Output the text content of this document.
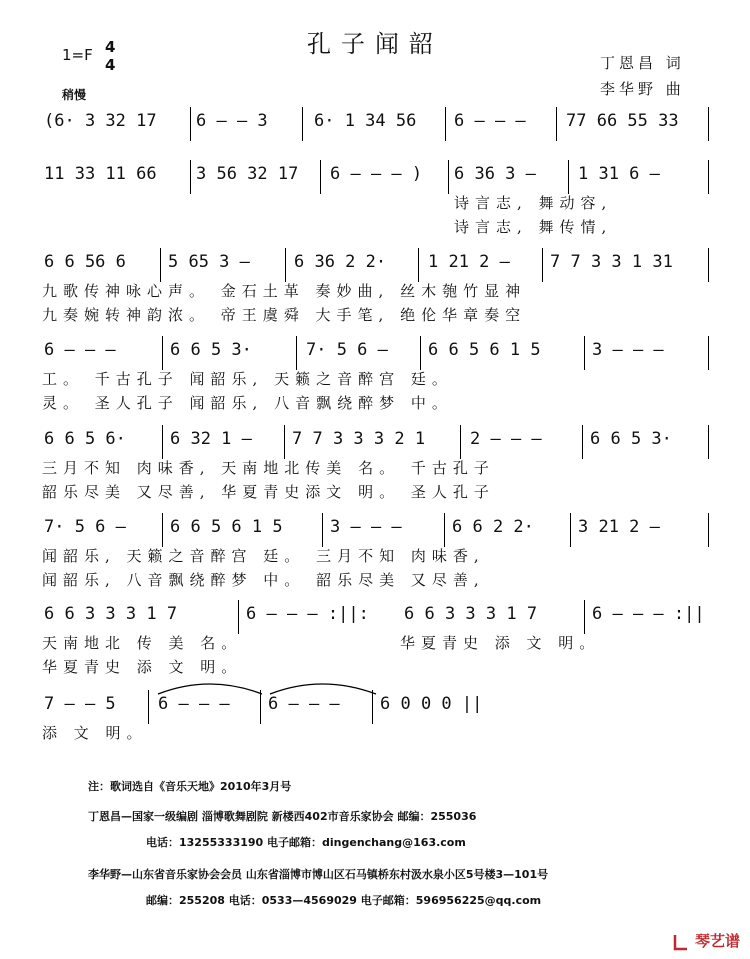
孔子闻韶
1=F 4
4
稍慢
丁恩昌 词
李华野 曲
(6· 3 32 17 6 – – 3	6· 1 34 56 6 – – – 77 66 55 33
11 33 11 66 3 56 32 17 6 – – – ) 6 36 3 – 1 31 6 –
诗言志, 舞动容,
诗言志, 舞传情,
6 6 56 6 5 65 3 –	6 36 2 2· 1 21 2 – 7 7 3 3 1 31
九歌传神咏心声。 金石土革 奏妙曲, 丝木匏竹显神
九奏婉转神韵浓。 帝王虞舜 大手笔, 绝伦华章奏空
6 – – –	6 6 5 3·	7· 5 6 – 6 6 5 6 1 5	3 – – –
工。 千古孔子 闻韶乐, 天籁之音醉宫 廷。
灵。 圣人孔子 闻韶乐, 八音飘绕醉梦 中。
6 6 5 6·	6 32 1 – 7 7 3 3 3 2 1	2 – – –	6 6 5 3·
三月不知 肉味香, 天南地北传美 名。 千古孔子
韶乐尽美 又尽善, 华夏青史添文 明。 圣人孔子
7· 5 6 –	6 6 5 6 1 5	3 – – –	6 6 2 2·	3 21 2 –
闻韶乐, 天籁之音醉宫 廷。 三月不知 肉味香,
闻韶乐, 八音飘绕醉梦 中。 韶乐尽美 又尽善,
6 6 3 3 3 1 7	6 – – – :||: 6 6 3 3 3 1 7	6 – – – :||
天南地北 传 美 名。	华夏青史 添 文 明。
华夏青史 添 文 明。
7 – – 5 6 – – – 6 – – – 6 0 0 0 ||
添 文 明。
注：歌词选自《音乐天地》2010年3月号
丁恩昌—国家一级编剧 淄博歌舞剧院 新楼西402市音乐家协会 邮编：255036
电话：13255333190 电子邮箱：dingenchang@163.com
李华野—山东省音乐家协会会员 山东省淄博市博山区石马镇桥东村汲水泉小区5号楼3—101号
邮编：255208 电话：0533—4569029 电子邮箱：596956225@qq.com
琴艺谱
